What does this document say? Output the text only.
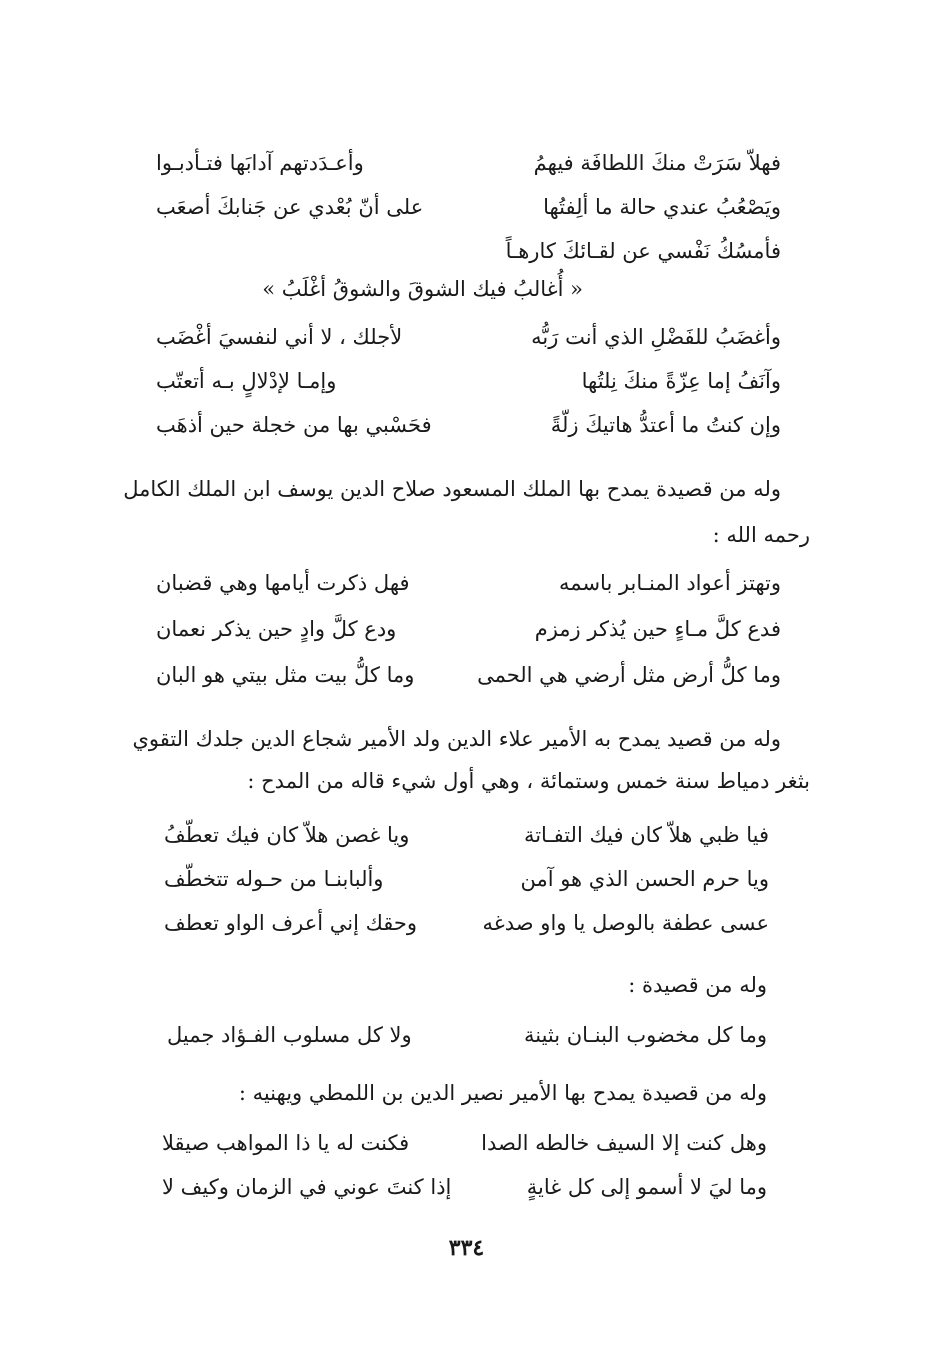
فهلاّ سَرَتْ منكَ اللطافَة فيهمُ
وأعـدَدتهم آدابَها فتـأدبـوا
ويَصْعُبُ عندي حالة ما ألِفتُها
على أنّ بُعْدي عن جَنابكَ أصعَب
فأمسُكُ نَفْسي عن لقـائكَ كارهـاً
« أُغالبُ فيك الشوقَ والشوقُ أغْلَبُ »
وأغضَبُ للفَضْلِ الذي أنت رَبُّه
لأجلك ، لا أني لنفسيَ أغْضَب
وآنَفُ إما عِزّةً منكَ نِلتُها
وإمـا لإدْلالٍ بـه أتعتّب
وإن كنتُ ما أعتدُّ هاتيكَ زلّةً
فحَسْبي بها من خجلة حين أذهَب
وله من قصيدة يمدح بها الملك المسعود صلاح الدين يوسف ابن الملك الكامل
رحمه الله :
وتهتز أعواد المنـابر باسمه
فهل ذكرت أيامها وهي قضبان
فدع كلَّ مـاءٍ حين يُذكر زمزم
ودع كلَّ وادٍ حين يذكر نعمان
وما كلُّ أرض مثل أرضي هي الحمى
وما كلُّ بيت مثل بيتي هو البان
وله من قصيد يمدح به الأمير علاء الدين ولد الأمير شجاع الدين جلدك التقوي
بثغر دمياط سنة خمس وستمائة ، وهي أول شيء قاله من المدح :
فيا ظبي هلاّ كان فيك التفـاتة
ويا غصن هلاّ كان فيك تعطّفُ
ويا حرم الحسن الذي هو آمن
وألبابنـا من حـوله تتخطّف
عسى عطفة بالوصل يا واو صدغه
وحقك إني أعرف الواو تعطف
وله من قصيدة :
وما كل مخضوب البنـان بثينة
ولا كل مسلوب الفـؤاد جميل
وله من قصيدة يمدح بها الأمير نصير الدين بن اللمطي ويهنيه :
وهل كنت إلا السيف خالطه الصدا
فكنت له يا ذا المواهب صيقلا
وما ليَ لا أسمو إلى كل غايةٍ
إذا كنتَ عوني في الزمان وكيف لا
٣٣٤
